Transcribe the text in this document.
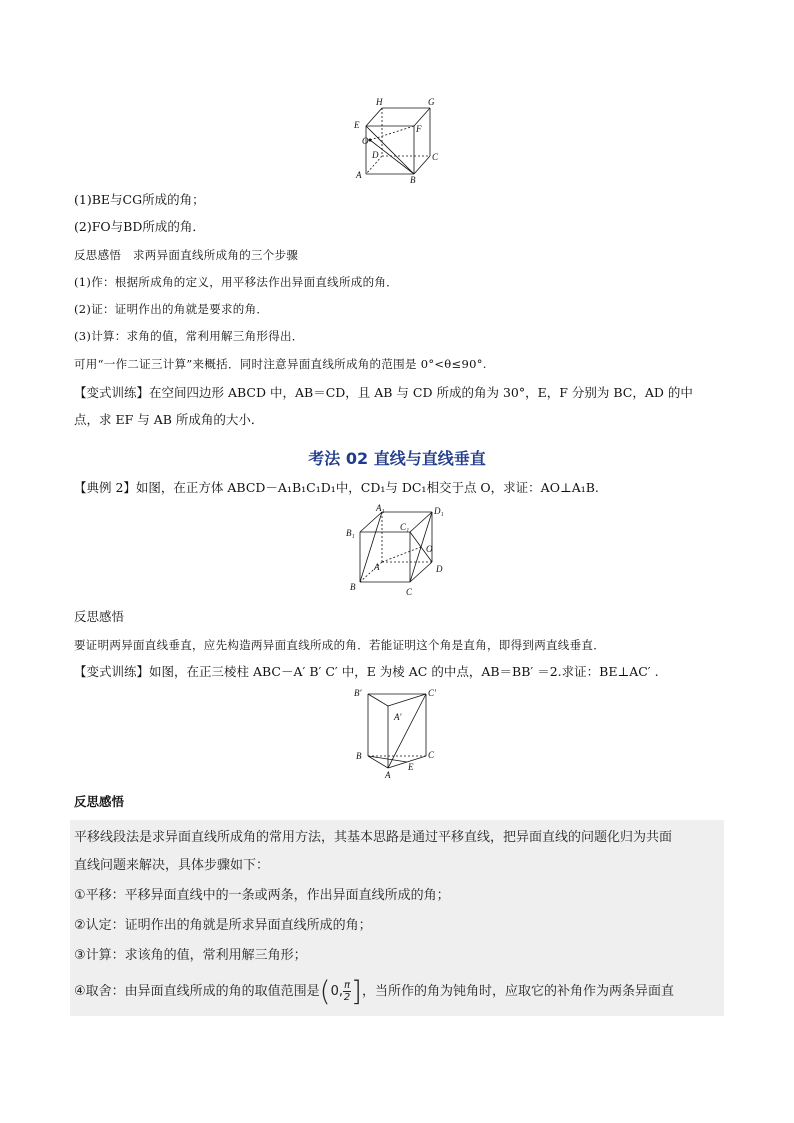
H	G
E	F
O
D	C
A	B
(1)BE与CG所成的角；
(2)FO与BD所成的角．
反思感悟　求两异面直线所成角的三个步骤
(1)作：根据所成角的定义，用平移法作出异面直线所成的角．
(2)证：证明作出的角就是要求的角．
(3)计算：求角的值，常利用解三角形得出．
可用“一作二证三计算”来概括．同时注意异面直线所成角的范围是 0°<θ≤90°.
【变式训练】在空间四边形 ABCD 中，AB＝CD，且 AB 与 CD 所成的角为 30°，E，F 分别为 BC，AD 的中
点，求 EF 与 AB 所成角的大小．
考法 02 直线与直线垂直
【典例 2】如图，在正方体 ABCD－A₁B₁C₁D₁中，CD₁与 DC₁相交于点 O，求证：AO⊥A₁B.
A₁	D₁
B₁
C₁
O
A	D
B	C
反思感悟
要证明两异面直线垂直，应先构造两异面直线所成的角．若能证明这个角是直角，即得到两直线垂直．
【变式训练】如图，在正三棱柱 ABC－A′ B′ C′ 中，E 为棱 AC 的中点，AB＝BB′ ＝2.求证：BE⊥AC′ .
B′	C′
A′
B	C
E
A
反思感悟
平移线段法是求异面直线所成角的常用方法，其基本思路是通过平移直线，把异面直线的问题化归为共面
直线问题来解决，具体步骤如下：
①平移：平移异面直线中的一条或两条，作出异面直线所成的角；
②认定：证明作出的角就是所求异面直线所成的角；
③计算：求该角的值，常利用解三角形；
④取舍：由异面直线所成的角的取值范围是(0, $\frac{\pi}{2}$ ]，当所作的角为钝角时，应取它的补角作为两条异面直
